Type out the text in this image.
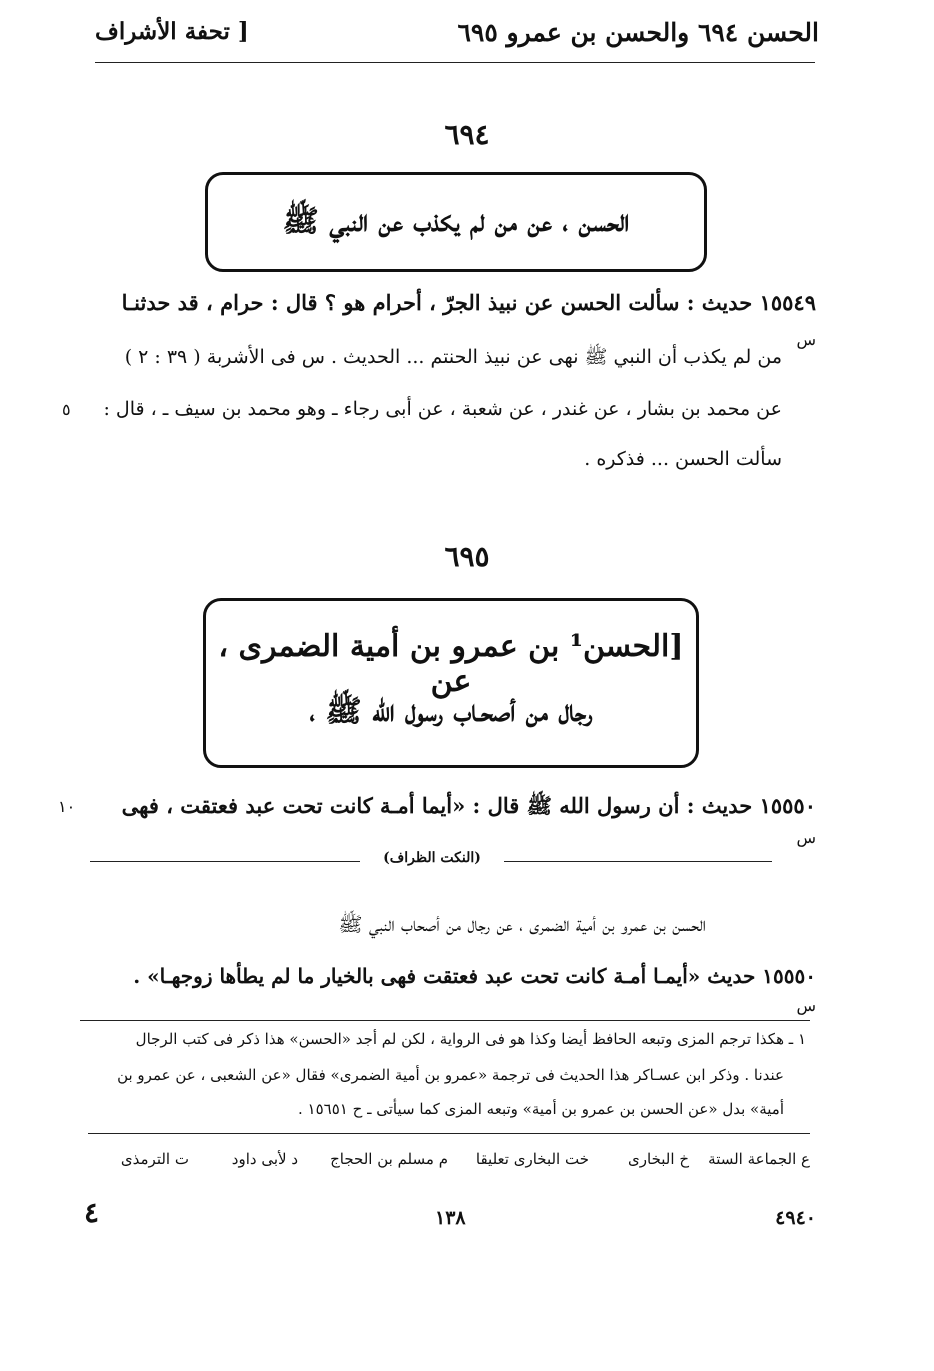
الحسن ٦٩٤ والحسن بن عمرو ٦٩٥
[ تحفة الأشراف
٦٩٤
الحسن ، عن من لم يكذب عن النبي ﷺ
١٥٥٤٩ حديث : سألت الحسن عن نبيذ الجرّ ، أحرام هو ؟ قال : حرام ، قد حدثنـا
س
من لم يكذب أن النبي ﷺ نهى عن نبيذ الحنتم ... الحديث . س فى الأشربة ( ٣٩ : ٢ )
عن محمد بن بشار ، عن غندر ، عن شعبة ، عن أبى رجاء ـ وهو محمد بن سيف ـ ، قال :
٥
سألت الحسن ... فذكره .
٦٩٥
[الحسن¹ بن عمرو بن أمية الضمرى ، عن
رجال من أصحـاب رسول الله ﷺ ،
١٥٥٥٠ حديث : أن رسول الله ﷺ قال : «أيما أمـة كانت تحت عبد فعتقت ، فهى
١٠
س
(النكت الظراف)
الحسن بن عمرو بن أمية الضمرى ، عن رجال من أصحاب النبي ﷺ
١٥٥٥٠ حديث «أيمـا أمـة كانت تحت عبد فعتقت فهى بالخيار ما لم يطأها زوجهـا» .
س
١ ـ هكذا ترجم المزى وتبعه الحافظ أيضا وكذا هو فى الرواية ، لكن لم أجد «الحسن» هذا ذكر فى كتب الرجال
عندنا . وذكر ابن عسـاكر هذا الحديث فى ترجمة «عمرو بن أمية الضمرى» فقال «عن الشعبى ، عن عمرو بن
أمية» بدل «عن الحسن بن عمرو بن أمية» وتبعه المزى كما سيأتى ـ ح ١٥٦٥١ .
ع الجماعة الستة
خ البخارى
خت البخارى تعليقا
م مسلم بن الحجاج
د لأبى داود
ت الترمذى
٤٩٤٠
١٣٨
٤
